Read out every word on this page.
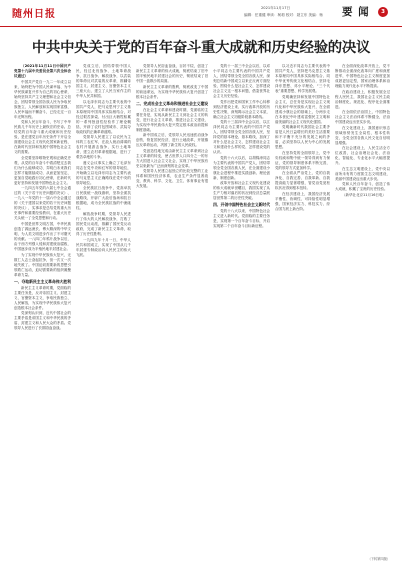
随州日报
2021年11月17日
编辑：任重健 审读：柯莉 校对：聂立东 美编：杨 要 闻	3
中共中央关于党的百年奋斗重大成就和历史经验的决议

（2021年11月11日中国共产党第十九届中央委员会第六次全体会议通过）

中国共产党自一九二一年成立以来，始终把为中国人民谋幸福、为中华民族谋复兴作为自己的初心使命，始终坚持共产主义理想和社会主义信念，团结带领全国各族人民为争取民族独立、人民解放和实现国家富强、人民幸福而不懈奋斗，已经走过一百年光辉历程。

党和人民百年奋斗，书写了中华民族几千年历史上最恢宏的史诗。总结党的百年奋斗重大成就和历史经验，是在建党百年历史条件下开启全面建设社会主义现代化国家新征程、在新时代坚持和发展中国特色社会主义的需要。

全党要坚持唯物史观和正确党史观，从党的百年奋斗中看清楚过去我们为什么能够成功、弄明白未来我们怎样才能继续成功，从而更加坚定、更加自觉地践行初心使命，在新时代更好坚持和发展中国特色社会主义。

一九四五年党的六届七中全会通过的《关于若干历史问题的决议》、一九八一年党的十一届六中全会通过的《关于建国以来党的若干历史问题的决议》，实事求是总结党的重大历史事件和重要经验教训，在重大历史关头统一了全党思想和行动。

中国是世界文明古国，中华民族创造了源远流长、博大精深的中华文明，为人类文明进步作出了不可磨灭的贡献。一八四〇年鸦片战争以后，由于西方列强入侵和封建统治腐败，中国逐步成为半殖民地半封建社会。

为了实现中华民族伟大复兴，无数仁人志士奋起抗争，但一次又一次地失败了。中国迫切需要新的思想引领救亡运动，迫切需要新的组织凝聚革命力量。

一、夺取新民主主义革命伟大胜利

新民主主义革命时期，党面临的主要任务是，反对帝国主义、封建主义、官僚资本主义，争取民族独立、人民解放，为实现中华民族伟大复兴创造根本社会条件。

党深刻认识到，近代中国社会的主要矛盾是帝国主义和中华民族的矛盾、封建主义和人民大众的矛盾。党领导人民进行了长期浴血奋战。

党成立后，团结带领中国人民，经过北伐战争、土地革命战争、抗日战争、解放战争，以武装的革命反对武装的反革命，推翻帝国主义、封建主义、官僚资本主义三座大山，建立了人民当家作主的中华人民共和国。

以毛泽东同志为主要代表的中国共产党人，把马克思列宁主义基本原理同中国具体实际相结合，对经过艰苦探索、付出巨大牺牲积累的一系列独创性经验作了理论概括，开辟了农村包围城市、武装夺取政权的正确革命道路。

党领导人民建立了以农民为主体的工农红军，在敌人统治薄弱的农村开展游击战争，实行土地革命，建立农村革命根据地，进行了艰苦卓绝的斗争。

遵义会议事实上确立了毛泽东同志在党中央和红军的领导地位，开始确立以毛泽东同志为主要代表的马克思主义正确路线在党中央的领导地位。

全民族抗日战争中，党高举抗日民族统一战线旗帜，坚持全面抗战路线，开辟广大敌后战场和抗日根据地，成为全民族抗战的中流砥柱。

解放战争时期，党领导人民进行了伟大的人民解放战争，打败了国民党反动派，推翻了国民党反动政府，完成了新民主主义革命，取得了历史性胜利。

一九四九年十月一日，中华人民共和国成立，实现了中国从几千年封建专制政治向人民民主的伟大飞跃。

党领导人民浴血奋战、百折不挠，创造了新民主主义革命的伟大成就，彻底结束了旧中国半殖民地半封建社会的历史，彻底结束了旧中国一盘散沙的局面。

新民主主义革命的胜利，彻底改变了中国的前途命运，为实现中华民族伟大复兴创造了根本社会条件。

二、完成社会主义革命和推进社会主义建设

在社会主义革命和建设时期，党面临的主要任务是，实现从新民主主义到社会主义的转变，进行社会主义革命，推进社会主义建设，为实现中华民族伟大复兴奠定根本政治前提和制度基础。

新中国成立后，党领导人民迅速医治战争创伤，恢复国民经济，进行土地改革，开展镇压反革命运动，巩固了新生的人民政权。

党创造性地完成由新民主主义革命到社会主义革命的转变，使占世界人口四分之一的东方大国进入社会主义社会，实现了中华民族有史以来最为广泛而深刻的社会变革。

党领导人民建立起独立的比较完整的工业体系和国民经济体系，农业生产条件显著改变，教育、科学、文化、卫生、体育事业有很大发展。

党的十一届三中全会以后，以邓小平同志为主要代表的中国共产党人，团结带领全党全国各族人民，深刻总结新中国成立以来正反两方面经验，围绕什么是社会主义、怎样建设社会主义这一根本问题，借鉴世界社会主义历史经验。

党作出把党和国家工作中心转移到经济建设上来、实行改革开放的历史性决策，深刻揭示社会主义本质，确立社会主义初级阶段基本路线。

党的十三届四中全会以后，以江泽民同志为主要代表的中国共产党人，团结带领全党全国各族人民，坚持党的基本理论、基本路线，加深了对什么是社会主义、怎样建设社会主义和建设什么样的党、怎样建设党的认识。

党的十六大以后，以胡锦涛同志为主要代表的中国共产党人，团结带领全党全国各族人民，在全面建设小康社会进程中推进实践创新、理论创新、制度创新。

改革开放和社会主义现代化建设的伟大成就举世瞩目，我国实现了从生产力相对落后的状况到经济总量跃居世界第二的历史性突破。

四、开创中国特色社会主义新时代

党的十八大以来，中国特色社会主义进入新时代。党面临的主要任务是，实现第一个百年奋斗目标，开启实现第二个百年奋斗目标新征程。

以习近平同志为主要代表的中国共产党人，坚持把马克思主义基本原理同中国具体实际相结合、同中华优秀传统文化相结合，坚持毛泽东思想、邓小平理论、“三个代表”重要思想、科学发展观。

党明确坚持和发展中国特色社会主义，总任务是实现社会主义现代化和中华民族伟大复兴，在全面建成小康社会的基础上，分两步走在本世纪中叶建成富强民主文明和谐美丽的社会主义现代化强国。

党明确新时代我国社会主要矛盾是人民日益增长的美好生活需要和不平衡不充分的发展之间的矛盾，必须坚持以人民为中心的发展思想。

在坚持党的全面领导上，党中央权威和集中统一领导得到有力保证，党的领导制度体系不断完善，党的领导方式更加科学。

在全面从严治党上，党的自我净化、自我完善、自我革新、自我提高能力显著增强，管党治党宽松软状况得到根本扭转。

在经济建设上，我国经济发展平衡性、协调性、可持续性明显增强，国家经济实力、科技实力、综合国力跃上新台阶。

在全面深化改革开放上，党不断推动全面深化改革向广度和深度进军，中国特色社会主义制度更加成熟更加定型，国家治理体系和治理能力现代化水平不断提高。

在政治建设上，积极发展全过程人民民主，我国社会主义民主政治制度化、规范化、程序化全面推进。

在全面依法治国上，中国特色社会主义法治体系不断健全，法治中国建设迈出坚实步伐。

在文化建设上，我国意识形态领域形势发生全局性、根本性转变，全党全国各族人民文化自信明显增强。

在社会建设上，人民生活全方位改善，社会治理社会化、法治化、智能化、专业化水平大幅度提升。

在生态文明建设上，党中央以前所未有的力度抓生态文明建设，美丽中国建设迈出重大步伐。

党和人民百年奋斗，创造了伟大成就，积累了宝贵的历史经验。

（新华社北京11月16日电）

（下转第四版）
